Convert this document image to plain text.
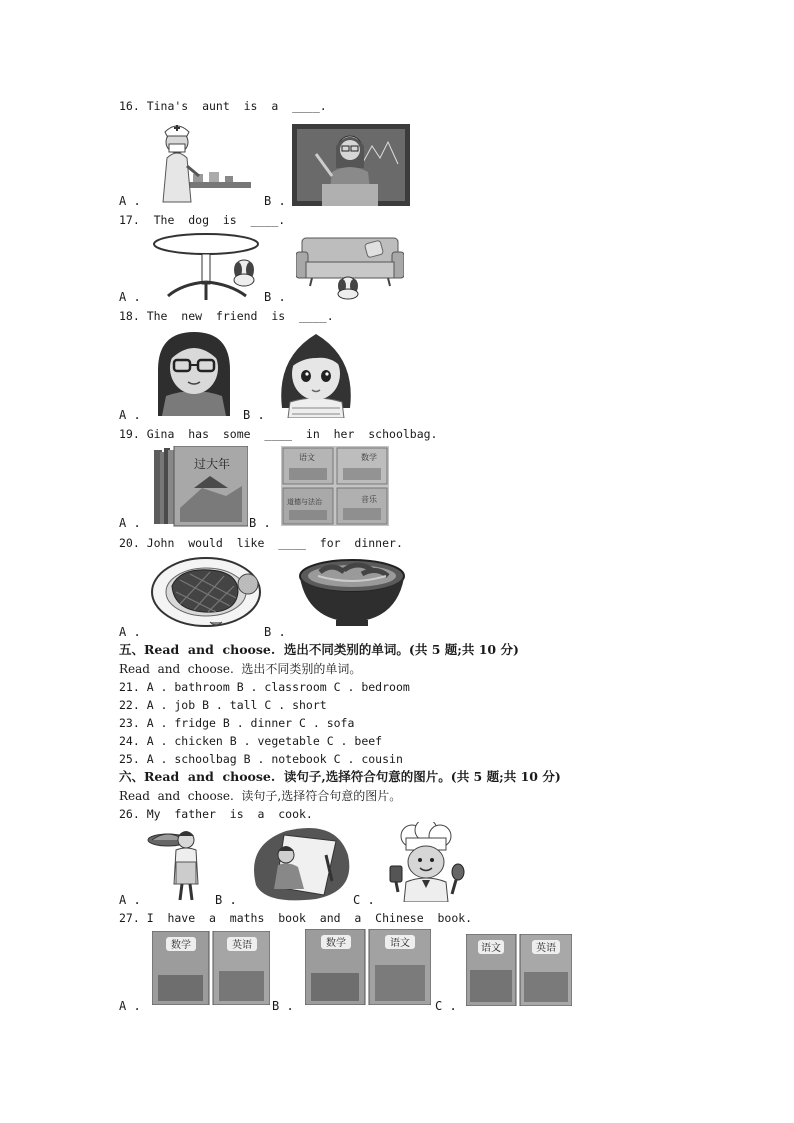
16. Tina's  aunt  is  a  ____.
A .	B .
17.  The  dog  is  ____.
A .	B .
18. The  new  friend  is  ____.
A .	B .
19. Gina  has  some  ____  in  her  schoolbag.
过大年
A .
语文	数学
道德与法治	音乐
B .
20. John  would  like  ____  for  dinner.
A .	B .
五、Read  and  choose.  选出不同类别的单词。(共 5 题;共 10 分)
Read  and  choose.  选出不同类别的单词。
21. A . bathroom B . classroom C . bedroom
22. A . job B . tall C . short
23. A . fridge B . dinner C . sofa
24. A . chicken B . vegetable C . beef
25. A . schoolbag B . notebook C . cousin
六、Read  and  choose.  读句子,选择符合句意的图片。(共 5 题;共 10 分)
Read  and  choose.  读句子,选择符合句意的图片。
26. My  father  is  a  cook.
A .	B .	C .
27. I  have  a  maths  book  and  a  Chinese  book.
数学	英语
A .
数学	语文
B .
语文	英语
C .
